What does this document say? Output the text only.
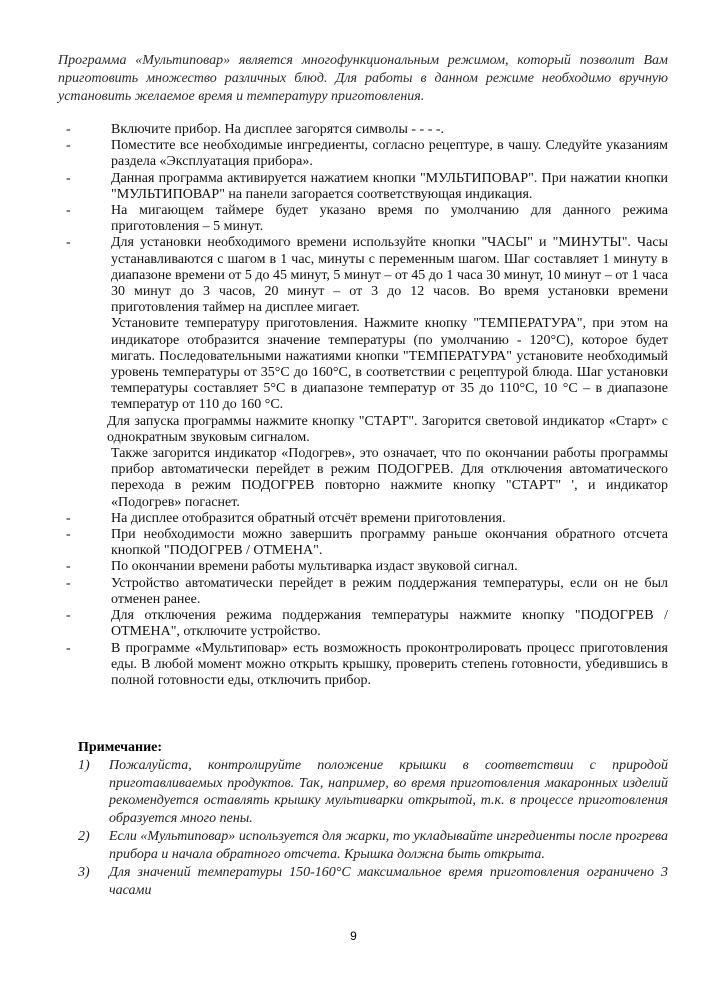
Программа «Мультиповар» является многофункциональным режимом, который позволит Вам приготовить множество различных блюд. Для работы в данном режиме необходимо вручную установить желаемое время и температуру приготовления.

-	Включите прибор. На дисплее загорятся символы - - - -.
-	Поместите все необходимые ингредиенты, согласно рецептуре, в чашу. Следуйте указаниям раздела «Эксплуатация прибора».
-	Данная программа активируется нажатием кнопки "МУЛЬТИПОВАР". При нажатии кнопки "МУЛЬТИПОВАР" на панели загорается соответствующая индикация.
-	На мигающем таймере будет указано время по умолчанию для данного режима приготовления – 5 минут.
-	Для установки необходимого времени используйте кнопки "ЧАСЫ" и "МИНУТЫ". Часы устанавливаются с шагом в 1 час, минуты с переменным шагом. Шаг составляет 1 минуту в диапазоне времени от 5 до 45 минут, 5 минут – от 45 до 1 часа 30 минут, 10 минут – от 1 часа 30 минут до 3 часов, 20 минут – от 3 до 12 часов. Во время установки времени приготовления таймер на дисплее мигает.
Установите температуру приготовления. Нажмите кнопку "ТЕМПЕРАТУРА", при этом на индикаторе отобразится значение температуры (по умолчанию - 120°C), которое будет мигать. Последовательными нажатиями кнопки "ТЕМПЕРАТУРА" установите необходимый уровень температуры от 35°C до 160°C, в соответствии с рецептурой блюда. Шаг установки температуры составляет 5°C в диапазоне температур от 35 до 110°C, 10 °C – в диапазоне температур от 110 до 160 °C.
Для запуска программы нажмите кнопку "СТАРТ". Загорится световой индикатор «Старт» с однократным звуковым сигналом.
Также загорится индикатор «Подогрев», это означает, что по окончании работы программы прибор автоматически перейдет в режим ПОДОГРЕВ. Для отключения автоматического перехода в режим ПОДОГРЕВ повторно нажмите кнопку "СТАРТ" ', и индикатор «Подогрев» погаснет.
-	На дисплее отобразится обратный отсчёт времени приготовления.
-	При необходимости можно завершить программу раньше окончания обратного отсчета кнопкой "ПОДОГРЕВ / ОТМЕНА".
-	По окончании времени работы мультиварка издаст звуковой сигнал.
-	Устройство автоматически перейдет в режим поддержания температуры, если он не был отменен ранее.
-	Для отключения режима поддержания температуры нажмите кнопку "ПОДОГРЕВ / ОТМЕНА", отключите устройство.
-	В программе «Мультиповар» есть возможность проконтролировать процесс приготовления еды. В любой момент можно открыть крышку, проверить степень готовности, убедившись в полной готовности еды, отключить прибор.
Примечание:
1) Пожалуйста, контролируйте положение крышки в соответствии с природой приготавливаемых продуктов. Так, например, во время приготовления макаронных изделий рекомендуется оставлять крышку мультиварки открытой, т.к. в процессе приготовления образуется много пены.
2) Если «Мультиповар» используется для жарки, то укладывайте ингредиенты после прогрева прибора и начала обратного отсчета. Крышка должна быть открыта.
3) Для значений температуры 150-160°C максимальное время приготовления ограничено 3 часами
9
